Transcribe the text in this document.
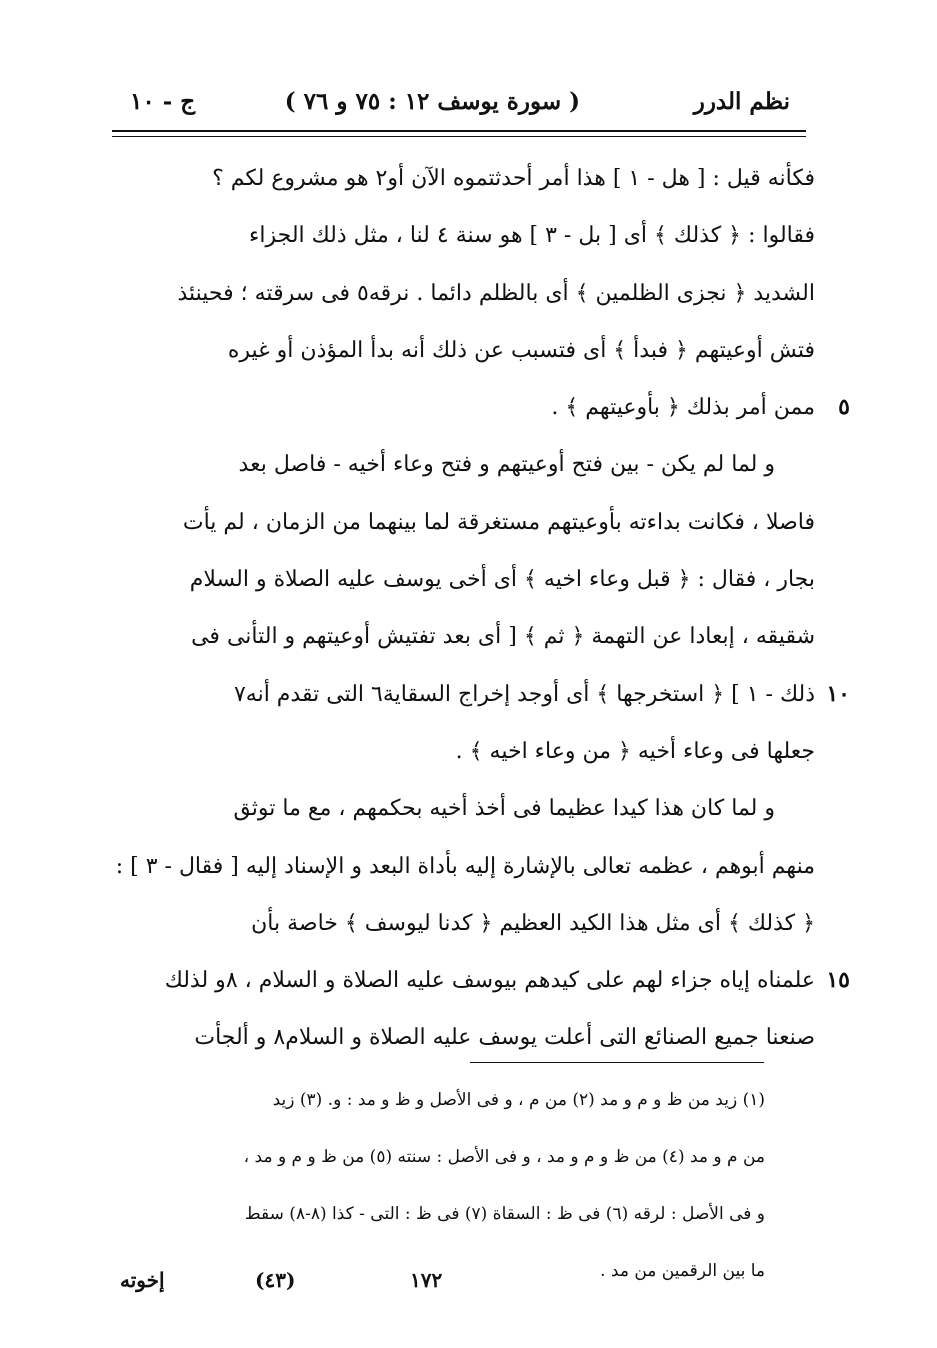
نظم الدرر
( سورة يوسف ١٢ : ٧٥ و ٧٦ )
ج - ١٠
فكأنه قيل : [ هل - ١ ] هذا أمر أحدثتموه الآن أو٢ هو مشروع لكم ؟
فقالوا : ﴿ كذلك ﴾ أى [ بل - ٣ ] هو سنة ٤ لنا ، مثل ذلك الجزاء
الشديد ﴿ نجزى الظلمين ﴾ أى بالظلم دائما . نرقه٥ فى سرقته ؛ فحينئذ
فتش أوعيتهم ﴿ فبدأ ﴾ أى فتسبب عن ذلك أنه بدأ المؤذن أو غيره
٥
ممن أمر بذلك ﴿ بأوعيتهم ﴾ .
و لما لم يكن - بين فتح أوعيتهم و فتح وعاء أخيه - فاصل بعد
فاصلا ، فكانت بداءته بأوعيتهم مستغرقة لما بينهما من الزمان ، لم يأت
بجار ، فقال : ﴿ قبل وعاء اخيه ﴾ أى أخى يوسف عليه الصلاة و السلام
شقيقه ، إبعادا عن التهمة ﴿ ثم ﴾ [ أى بعد تفتيش أوعيتهم و التأنى فى
١٠
ذلك - ١ ] ﴿ استخرجها ﴾ أى أوجد إخراج السقاية٦ التى تقدم أنه٧
جعلها فى وعاء أخيه ﴿ من وعاء اخيه ﴾ .
و لما كان هذا كيدا عظيما فى أخذ أخيه بحكمهم ، مع ما توثق
منهم أبوهم ، عظمه تعالى بالإشارة إليه بأداة البعد و الإسناد إليه [ فقال - ٣ ] :
﴿ كذلك ﴾ أى مثل هذا الكيد العظيم ﴿ كدنا ليوسف ﴾ خاصة بأن
١٥
علمناه إياه جزاء لهم على كيدهم بيوسف عليه الصلاة و السلام ، ٨و لذلك
صنعنا جميع الصنائع التى أعلت يوسف عليه الصلاة و السلام٨ و ألجأت
(١) زيد من ظ و م و مد (٢) من م ، و فى الأصل و ظ و مد : و. (٣) زيد
من م و مد (٤) من ظ و م و مد ، و فى الأصل : سنته (٥) من ظ و م و مد ،
و فى الأصل : لرقه (٦) فى ظ : السقاة (٧) فى ظ : التى - كذا (٨-٨) سقط
ما بين الرقمين من مد .
إخوته	(٤٣)	١٧٢
